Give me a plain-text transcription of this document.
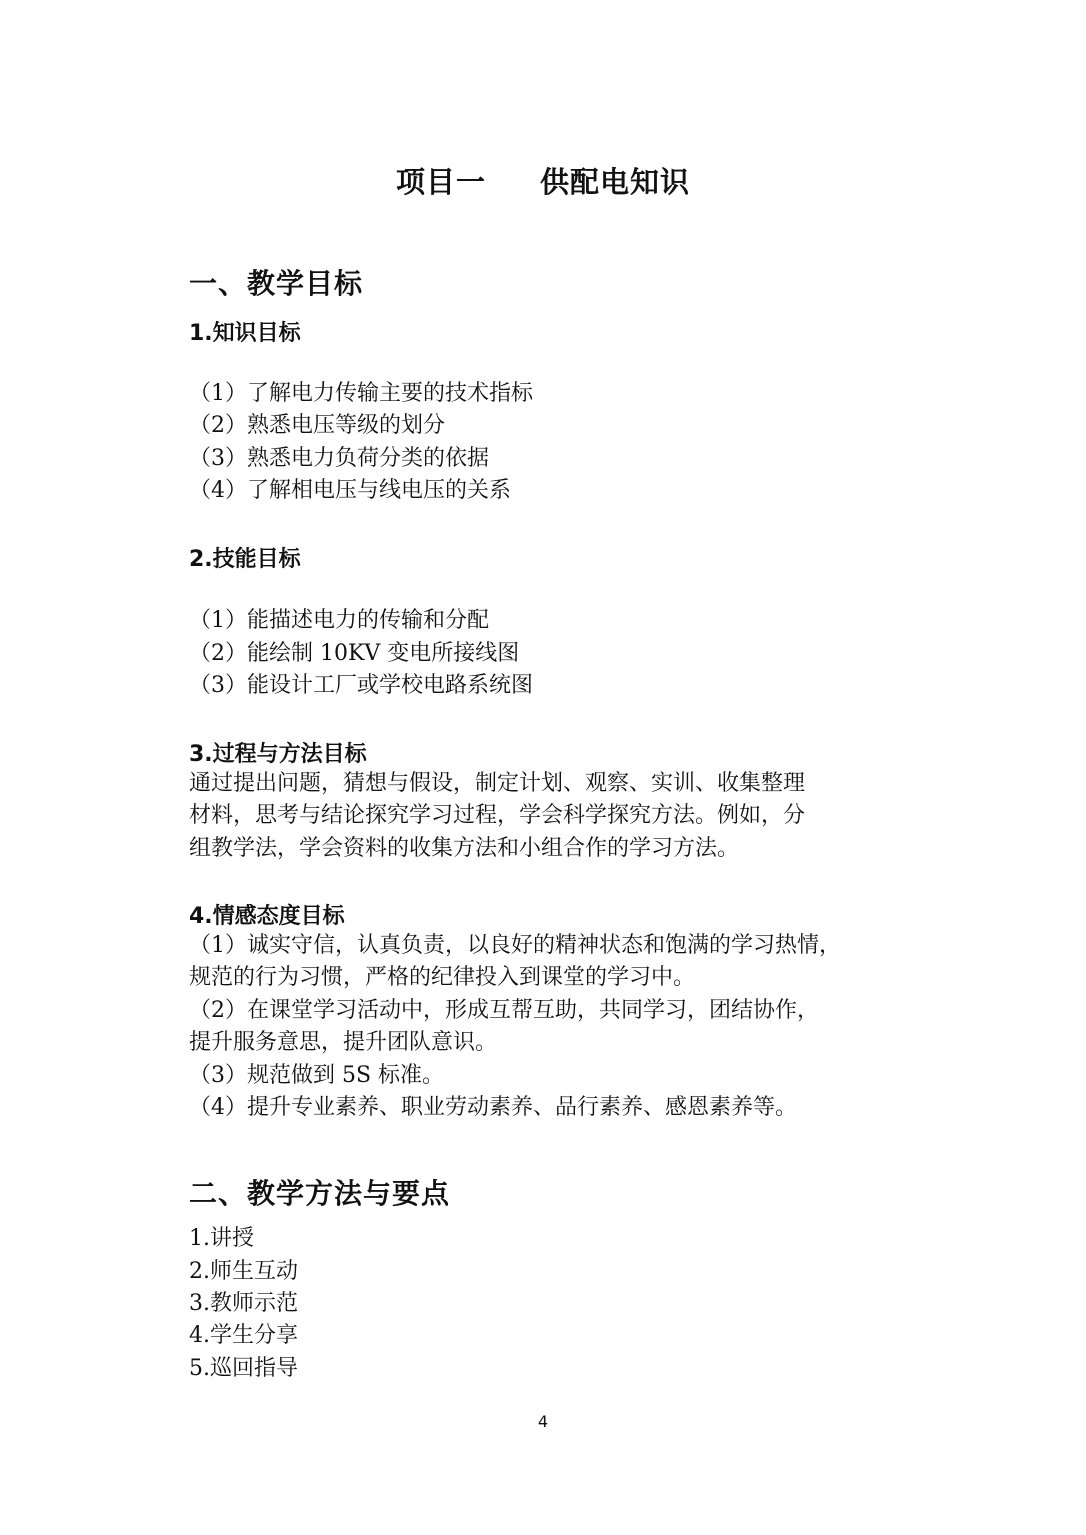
项目一 供配电知识
一、教学目标
1.知识目标
（1）了解电力传输主要的技术指标
（2）熟悉电压等级的划分
（3）熟悉电力负荷分类的依据
（4）了解相电压与线电压的关系
2.技能目标
（1）能描述电力的传输和分配
（2）能绘制 10KV 变电所接线图
（3）能设计工厂或学校电路系统图
3.过程与方法目标
通过提出问题，猜想与假设，制定计划、观察、实训、收集整理
材料，思考与结论探究学习过程，学会科学探究方法。例如，分
组教学法，学会资料的收集方法和小组合作的学习方法。
4.情感态度目标
（1）诚实守信，认真负责，以良好的精神状态和饱满的学习热情，
规范的行为习惯，严格的纪律投入到课堂的学习中。
（2）在课堂学习活动中，形成互帮互助，共同学习，团结协作，
提升服务意思，提升团队意识。
（3）规范做到 5S 标准。
（4）提升专业素养、职业劳动素养、品行素养、感恩素养等。
二、教学方法与要点
1.讲授
2.师生互动
3.教师示范
4.学生分享
5.巡回指导
4
